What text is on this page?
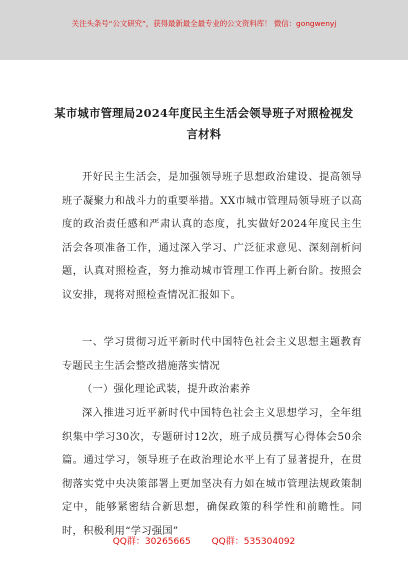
关注头条号“公文研究”，获得最新最全最专业的公文资料库！ 微信：gongwenyj
某市城市管理局2024年度民主生活会领导班子对照检视发
言材料

开好民主生活会，是加强领导班子思想政治建设、提高领导班子凝聚力和战斗力的重要举措。XX市城市管理局领导班子以高度的政治责任感和严肃认真的态度，扎实做好2024年度民主生活会各项准备工作，通过深入学习、广泛征求意见、深刻剖析问题，认真对照检查，努力推动城市管理工作再上新台阶。按照会议安排，现将对照检查情况汇报如下。

一、学习贯彻习近平新时代中国特色社会主义思想主题教育专题民主生活会整改措施落实情况

（一）强化理论武装，提升政治素养

深入推进习近平新时代中国特色社会主义思想学习，全年组织集中学习30次，专题研讨12次，班子成员撰写心得体会50余篇。通过学习，领导班子在政治理论水平上有了显著提升，在贯彻落实党中央决策部署上更加坚决有力如在城市管理法规政策制定中，能够紧密结合新思想，确保政策的科学性和前瞻性。同时，积极利用“学习强国”

QQ群：30265665 QQ群：535304092
